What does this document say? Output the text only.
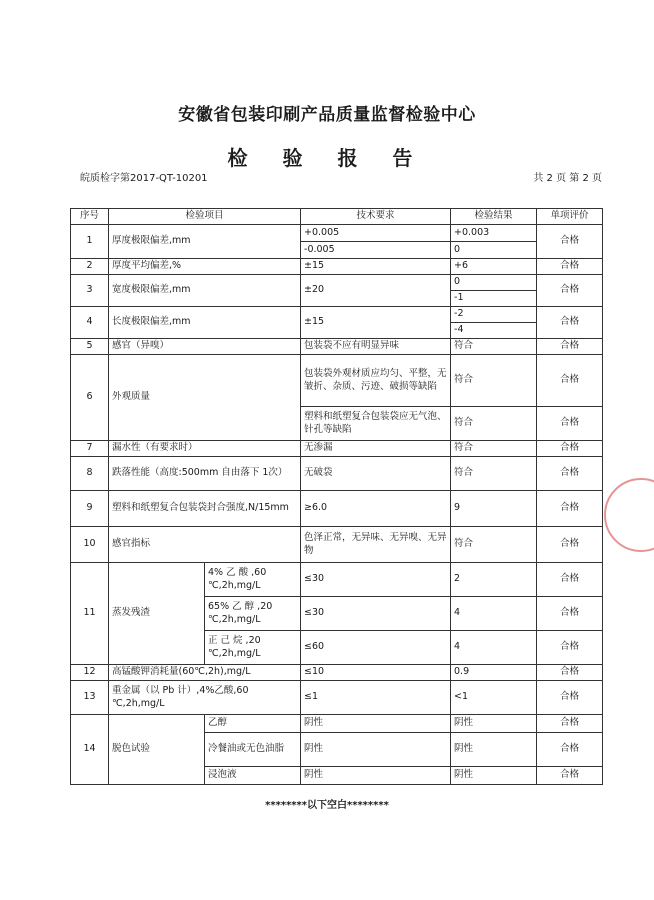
安徽省包装印刷产品质量监督检验中心
检 验 报 告
皖质检字第2017-QT-10201	共 2 页 第 2 页
序号	检验项目		技术要求	检验结果	单项评价
1	厚度极限偏差,mm		+0.005	+0.003	合格
			-0.005	0	
2	厚度平均偏差,%		±15	+6	合格
3	宽度极限偏差,mm		±20	0	合格
				-1	
4	长度极限偏差,mm		±15	-2	合格
				-4	
5	感官（异嗅）		包装袋不应有明显异味	符合	合格
6	外观质量		包装袋外观材质应均匀、平整，无皱折、杂质、污迹、破损等缺陷	符合	合格
			塑料和纸塑复合包装袋应无气泡、针孔等缺陷	符合	合格
7	漏水性（有要求时）		无渗漏	符合	合格
8	跌落性能（高度:500mm 自由落下 1次）		无破袋	符合	合格
9	塑料和纸塑复合包装袋封合强度,N/15mm		≥6.0	9	合格
10	感官指标		色泽正常，无异味、无异嗅、无异物	符合	合格
11	蒸发残渣	4% 乙 酸 ,60 ℃,2h,mg/L	≤30	2	合格
		65% 乙 醇 ,20 ℃,2h,mg/L	≤30	4	合格
		正 己 烷 ,20 ℃,2h,mg/L	≤60	4	合格
12	高锰酸钾消耗量(60℃,2h),mg/L		≤10	0.9	合格
13	重金属（以 Pb 计）,4%乙酸,60 ℃,2h,mg/L		≤1	<1	合格
14	脱色试验	乙醇	阴性	阴性	合格
		冷餐油或无色油脂	阴性	阴性	合格
		浸泡液	阴性	阴性	合格
********以下空白********
